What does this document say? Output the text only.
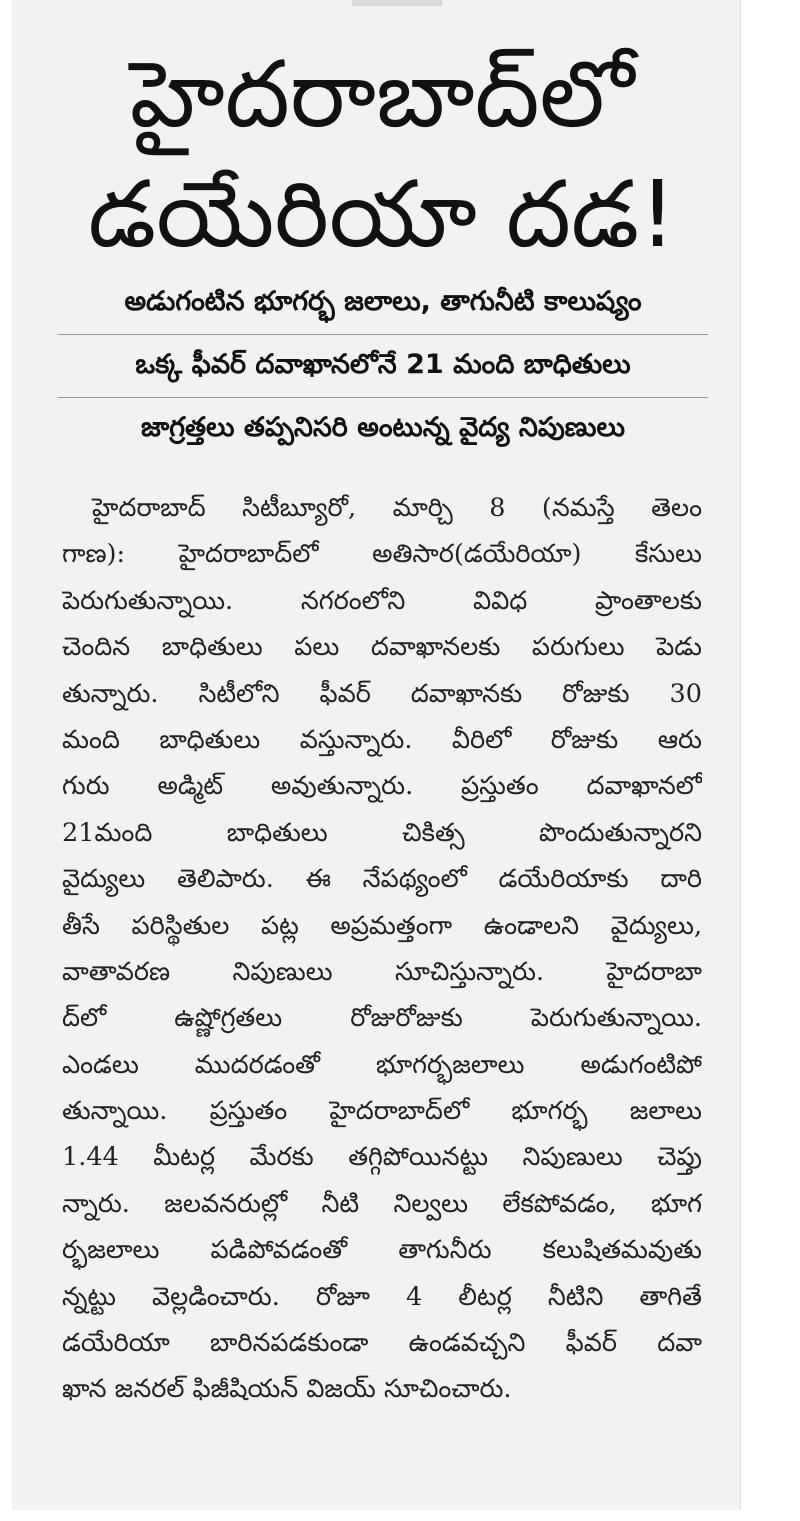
హైదరాబాద్‌లో
డయేరియా దడ!
అడుగంటిన భూగర్భ జలాలు, తాగునీటి కాలుష్యం
ఒక్క ఫీవర్ దవాఖానలోనే 21 మంది బాధితులు
జాగ్రత్తలు తప్పనిసరి అంటున్న వైద్య నిపుణులు
హైదరాబాద్ సిటీబ్యూరో, మార్చి 8 (నమస్తే తెలం
గాణ): హైదరాబాద్‌లో అతిసార(డయేరియా) కేసులు
పెరుగుతున్నాయి. నగరంలోని వివిధ ప్రాంతాలకు
చెందిన బాధితులు పలు దవాఖానలకు పరుగులు పెడు
తున్నారు. సిటీలోని ఫీవర్ దవాఖానకు రోజుకు 30
మంది బాధితులు వస్తున్నారు. వీరిలో రోజుకు ఆరు
గురు అడ్మిట్ అవుతున్నారు. ప్రస్తుతం దవాఖానలో
21మంది బాధితులు చికిత్స పొందుతున్నారని
వైద్యులు తెలిపారు. ఈ నేపథ్యంలో డయేరియాకు దారి
తీసే పరిస్థితుల పట్ల అప్రమత్తంగా ఉండాలని వైద్యులు,
వాతావరణ నిపుణులు సూచిస్తున్నారు. హైదరాబా
ద్‌లో ఉష్ణోగ్రతలు రోజురోజుకు పెరుగుతున్నాయి.
ఎండలు ముదరడంతో భూగర్భజలాలు అడుగంటిపో
తున్నాయి. ప్రస్తుతం హైదరాబాద్‌లో భూగర్భ జలాలు
1.44 మీటర్ల మేరకు తగ్గిపోయినట్టు నిపుణులు చెప్తు
న్నారు. జలవనరుల్లో నీటి నిల్వలు లేకపోవడం, భూగ
ర్భజలాలు పడిపోవడంతో తాగునీరు కలుషితమవుతు
న్నట్టు వెల్లడించారు. రోజూ 4 లీటర్ల నీటిని తాగితే
డయేరియా బారినపడకుండా ఉండవచ్చని ఫీవర్ దవా
ఖాన జనరల్ ఫిజీషియన్ విజయ్ సూచించారు.
